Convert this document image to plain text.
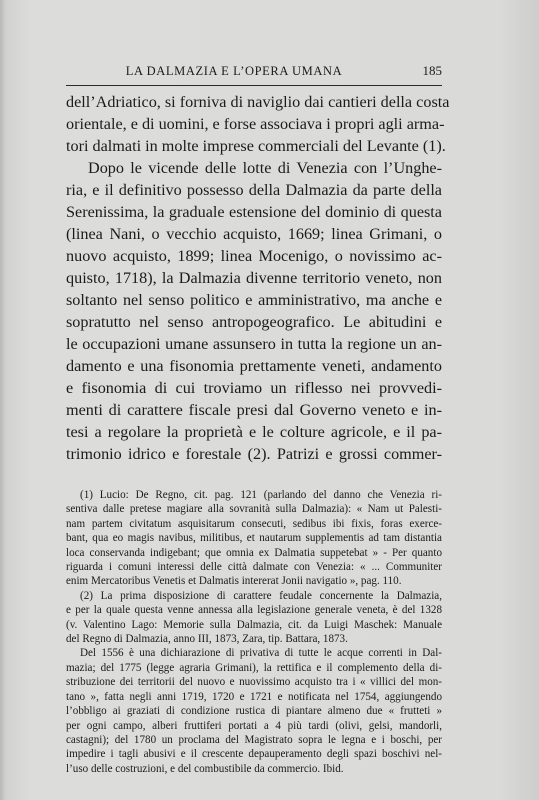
LA DALMAZIA E L’OPERA UMANA	185
dell’Adriatico, si forniva di naviglio dai cantieri della costa
orientale, e di uomini, e forse associava i propri agli arma-
tori dalmati in molte imprese commerciali del Levante (1).
Dopo le vicende delle lotte di Venezia con l’Unghe-
ria, e il definitivo possesso della Dalmazia da parte della
Serenissima, la graduale estensione del dominio di questa
(linea Nani, o vecchio acquisto, 1669; linea Grimani, o
nuovo acquisto, 1899; linea Mocenigo, o novissimo ac-
quisto, 1718), la Dalmazia divenne territorio veneto, non
soltanto nel senso politico e amministrativo, ma anche e
sopratutto nel senso antropogeografico. Le abitudini e
le occupazioni umane assunsero in tutta la regione un an-
damento e una fisonomia prettamente veneti, andamento
e fisonomia di cui troviamo un riflesso nei provvedi-
menti di carattere fiscale presi dal Governo veneto e in-
tesi a regolare la proprietà e le colture agricole, e il pa-
trimonio idrico e forestale (2). Patrizi e grossi commer-
(1) Lucio: De Regno, cit. pag. 121 (parlando del danno che Venezia ri-
sentiva dalle pretese magiare alla sovranità sulla Dalmazia): « Nam ut Palesti-
nam partem civitatum asquisitarum consecuti, sedibus ibi fixis, foras exerce-
bant, qua eo magis navibus, militibus, et nautarum supplementis ad tam distantia
loca conservanda indigebant; que omnia ex Dalmatia suppetebat » - Per quanto
riguarda i comuni interessi delle città dalmate con Venezia: « ... Communiter
enim Mercatoribus Venetis et Dalmatis intererat Jonii navigatio », pag. 110.
(2) La prima disposizione di carattere feudale concernente la Dalmazia,
e per la quale questa venne annessa alla legislazione generale veneta, è del 1328
(v. Valentino Lago: Memorie sulla Dalmazia, cit. da Luigi Maschek: Manuale
del Regno di Dalmazia, anno III, 1873, Zara, tip. Battara, 1873.
Del 1556 è una dichiarazione di privativa di tutte le acque correnti in Dal-
mazia; del 1775 (legge agraria Grimani), la rettifica e il complemento della di-
stribuzione dei territorii del nuovo e nuovissimo acquisto tra i « villici del mon-
tano », fatta negli anni 1719, 1720 e 1721 e notificata nel 1754, aggiungendo
l’obbligo ai graziati di condizione rustica di piantare almeno due « frutteti »
per ogni campo, alberi fruttiferi portati a 4 più tardi (olivi, gelsi, mandorli,
castagni); del 1780 un proclama del Magistrato sopra le legna e i boschi, per
impedire i tagli abusivi e il crescente depauperamento degli spazi boschivi nel-
l’uso delle costruzioni, e del combustibile da commercio. Ibid.
